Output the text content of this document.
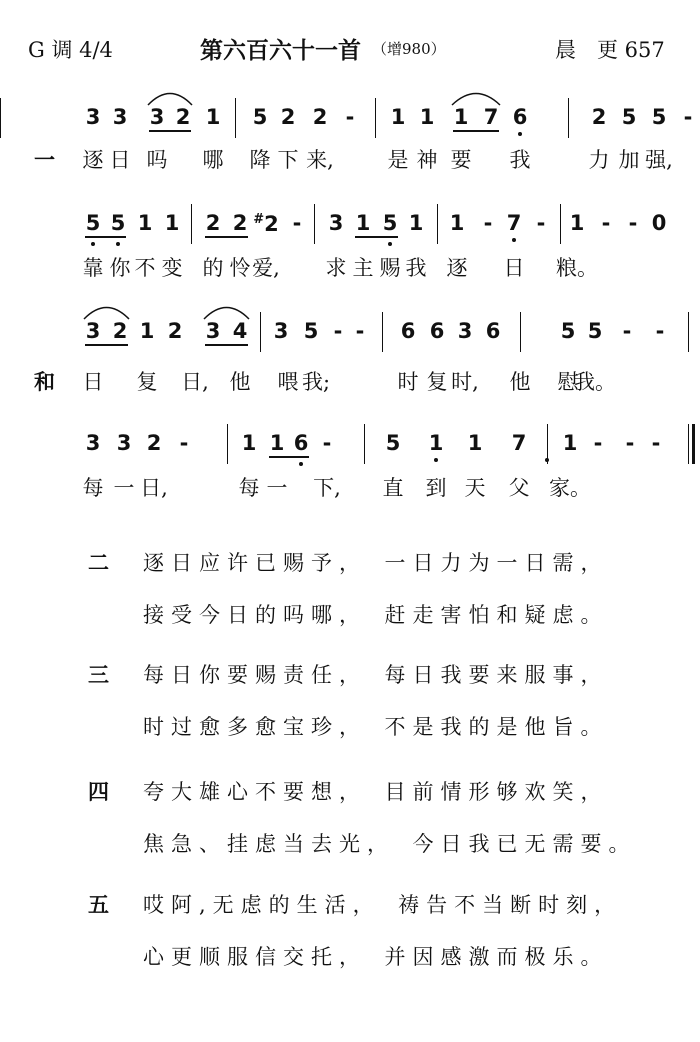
G 调 4/4	第六百六十一首 （增980）	晨　更 657
一
3 3 3 2 1 5 2 2 - 1 1 1 7 6	2 5 5 -
逐 日 吗 哪 降 下 来,	是 神 要 我	力 加 强,
5 5 1 1 2 2 #2 - 3 1 5 1 1 - 7 - 1 - - 0
靠 你 不 变 的 怜 爱, 求 主 赐 我 逐 日 粮。
和
3 2 1 2 3 4 3 5 - - 6 6 3 6	5 5 - -
日 复 日, 他 喂 我;	时 复 时, 他 慰
我。
3 3 2 -	1 1 6 -	5 1 1 7 1 - - -
每 一 日,	每 一 下, 直 到 天 父 家。
二 逐日应许已赐予，　一日力为一日需，
接受今日的吗哪，　赶走害怕和疑虑。
三 每日你要赐责任，　每日我要来服事，
时过愈多愈宝珍，　不是我的是他旨。
四 夸大雄心不要想，　目前情形够欢笑，
焦急、挂虑当去光，　今日我已无需要。
五 哎阿,无虑的生活，　祷告不当断时刻，
心更顺服信交托，　并因感激而极乐。
